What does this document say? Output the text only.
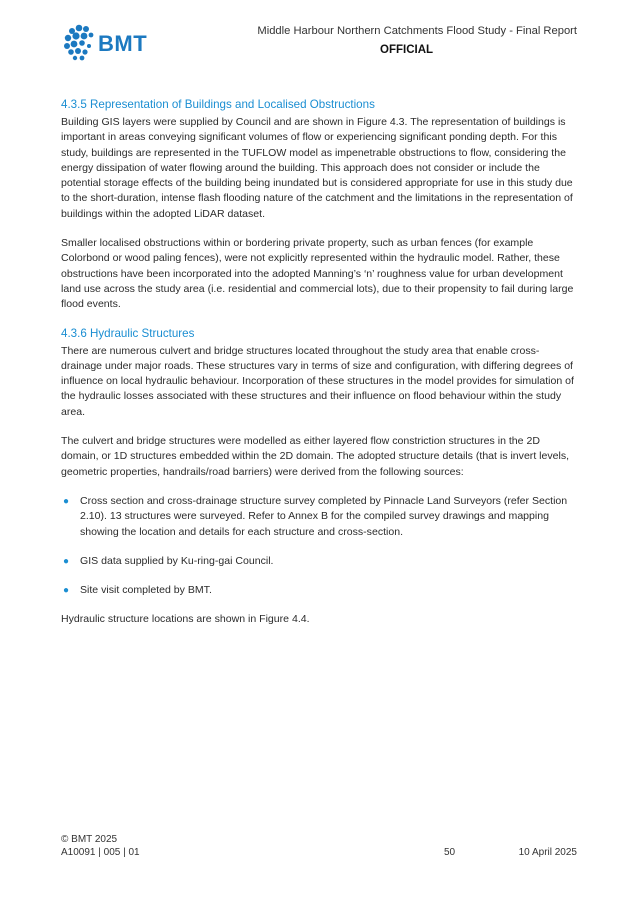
BMT	Middle Harbour Northern Catchments Flood Study - Final Report
OFFICIAL
4.3.5 Representation of Buildings and Localised Obstructions

Building GIS layers were supplied by Council and are shown in Figure 4.3. The representation of buildings is important in areas conveying significant volumes of flow or experiencing significant ponding depth. For this study, buildings are represented in the TUFLOW model as impenetrable obstructions to flow, considering the energy dissipation of water flowing around the building. This approach does not consider or include the potential storage effects of the building being inundated but is considered appropriate for use in this study due to the short-duration, intense flash flooding nature of the catchment and the limitations in the representation of buildings within the adopted LiDAR dataset.

Smaller localised obstructions within or bordering private property, such as urban fences (for example Colorbond or wood paling fences), were not explicitly represented within the hydraulic model. Rather, these obstructions have been incorporated into the adopted Manning’s ‘n’ roughness value for urban development land use across the study area (i.e. residential and commercial lots), due to their propensity to fail during large flood events.

4.3.6 Hydraulic Structures

There are numerous culvert and bridge structures located throughout the study area that enable cross-drainage under major roads. These structures vary in terms of size and configuration, with differing degrees of influence on local hydraulic behaviour. Incorporation of these structures in the model provides for simulation of the hydraulic losses associated with these structures and their influence on flood behaviour within the study area.

The culvert and bridge structures were modelled as either layered flow constriction structures in the 2D domain, or 1D structures embedded within the 2D domain. The adopted structure details (that is invert levels, geometric properties, handrails/road barriers) were derived from the following sources:

● Cross section and cross-drainage structure survey completed by Pinnacle Land Surveyors (refer Section 2.10). 13 structures were surveyed. Refer to Annex B for the compiled survey drawings and mapping showing the location and details for each structure and cross-section.
● GIS data supplied by Ku-ring-gai Council.
● Site visit completed by BMT.

Hydraulic structure locations are shown in Figure 4.4.

© BMT 2025
A10091 | 005 | 01	50	10 April 2025
